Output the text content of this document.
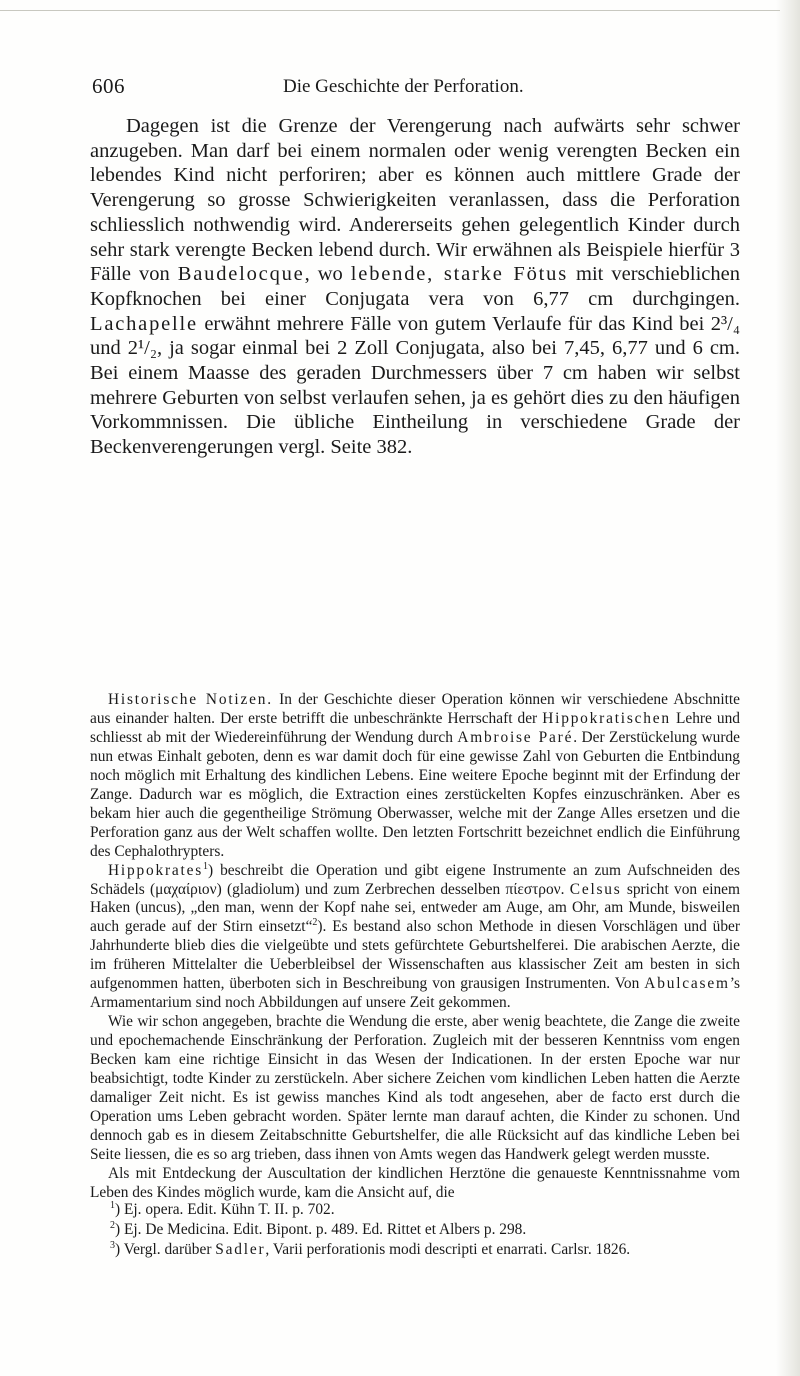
606	Die Geschichte der Perforation.

Dagegen ist die Grenze der Verengerung nach aufwärts sehr schwer anzugeben. Man darf bei einem normalen oder wenig verengten Becken ein lebendes Kind nicht perforiren; aber es können auch mittlere Grade der Verengerung so grosse Schwierigkeiten veranlassen, dass die Perforation schliesslich nothwendig wird. Andererseits gehen gelegentlich Kinder durch sehr stark verengte Becken lebend durch. Wir erwähnen als Beispiele hierfür 3 Fälle von Baudelocque, wo lebende, starke Fötus mit verschieblichen Kopfknochen bei einer Conjugata vera von 6,77 cm durchgingen. Lachapelle erwähnt mehrere Fälle von gutem Verlaufe für das Kind bei 2³/₄ und 2¹/₂, ja sogar einmal bei 2 Zoll Conjugata, also bei 7,45, 6,77 und 6 cm. Bei einem Maasse des geraden Durchmessers über 7 cm haben wir selbst mehrere Geburten von selbst verlaufen sehen, ja es gehört dies zu den häufigen Vorkommnissen. Die übliche Eintheilung in verschiedene Grade der Beckenverengerungen vergl. Seite 382.

Historische Notizen. In der Geschichte dieser Operation können wir verschiedene Abschnitte aus einander halten. Der erste betrifft die unbeschränkte Herrschaft der Hippokratischen Lehre und schliesst ab mit der Wiedereinführung der Wendung durch Ambroise Paré. Der Zerstückelung wurde nun etwas Einhalt geboten, denn es war damit doch für eine gewisse Zahl von Geburten die Entbindung noch möglich mit Erhaltung des kindlichen Lebens. Eine weitere Epoche beginnt mit der Erfindung der Zange. Dadurch war es möglich, die Extraction eines zerstückelten Kopfes einzuschränken. Aber es bekam hier auch die gegentheilige Strömung Oberwasser, welche mit der Zange Alles ersetzen und die Perforation ganz aus der Welt schaffen wollte. Den letzten Fortschritt bezeichnet endlich die Einführung des Cephalothrypters.

Hippokrates$^1$) beschreibt die Operation und gibt eigene Instrumente an zum Aufschneiden des Schädels (μαχαίριον) (gladiolum) und zum Zerbrechen desselben πίεστρον. Celsus spricht von einem Haken (uncus), „den man, wenn der Kopf nahe sei, entweder am Auge, am Ohr, am Munde, bisweilen auch gerade auf der Stirn einsetzt“$^2$). Es bestand also schon Methode in diesen Vorschlägen und über Jahrhunderte blieb dies die vielgeübte und stets gefürchtete Geburtshelferei. Die arabischen Aerzte, die im früheren Mittelalter die Ueberbleibsel der Wissenschaften aus klassischer Zeit am besten in sich aufgenommen hatten, überboten sich in Beschreibung von grausigen Instrumenten. Von Abulcasem’s Armamentarium sind noch Abbildungen auf unsere Zeit gekommen.

Wie wir schon angegeben, brachte die Wendung die erste, aber wenig beachtete, die Zange die zweite und epochemachende Einschränkung der Perforation. Zugleich mit der besseren Kenntniss vom engen Becken kam eine richtige Einsicht in das Wesen der Indicationen. In der ersten Epoche war nur beabsichtigt, todte Kinder zu zerstückeln. Aber sichere Zeichen vom kindlichen Leben hatten die Aerzte damaliger Zeit nicht. Es ist gewiss manches Kind als todt angesehen, aber de facto erst durch die Operation ums Leben gebracht worden. Später lernte man darauf achten, die Kinder zu schonen. Und dennoch gab es in diesem Zeitabschnitte Geburtshelfer, die alle Rücksicht auf das kindliche Leben bei Seite liessen, die es so arg trieben, dass ihnen von Amts wegen das Handwerk gelegt werden musste.

Als mit Entdeckung der Auscultation der kindlichen Herztöne die genaueste Kenntnissnahme vom Leben des Kindes möglich wurde, kam die Ansicht auf, die

$^1$) Ej. opera. Edit. Kühn T. II. p. 702.

$^2$) Ej. De Medicina. Edit. Bipont. p. 489. Ed. Rittet et Albers p. 298.

$^3$) Vergl. darüber Sadler, Varii perforationis modi descripti et enarrati. Carlsr. 1826.
